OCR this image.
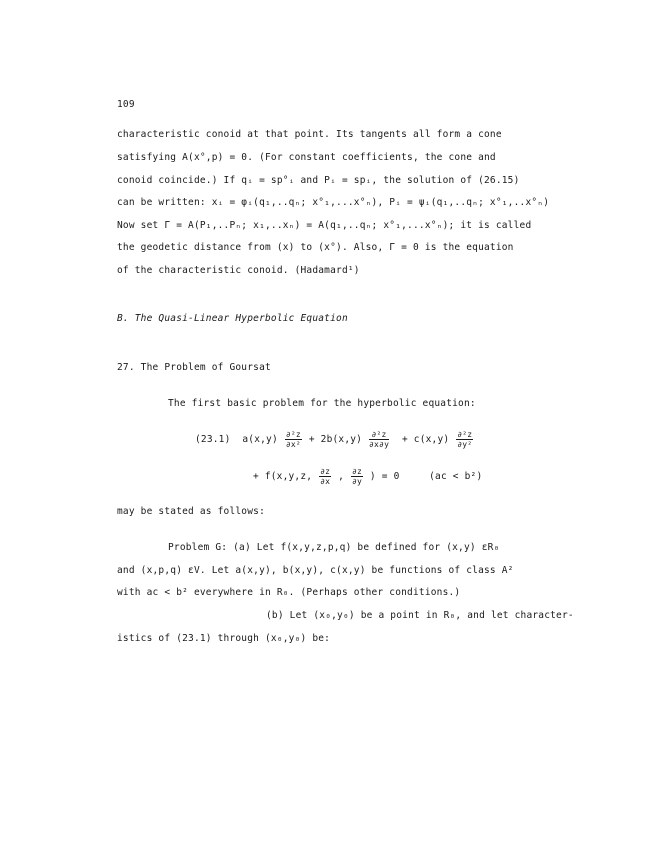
109
characteristic conoid at that point. Its tangents all form a cone
satisfying A(x°,p) = 0. (For constant coefficients, the cone and
conoid coincide.) If qᵢ = sp°ᵢ and Pᵢ = spᵢ, the solution of (26.15)
can be written: xᵢ = φᵢ(q₁,..qₙ; x°₁,...x°ₙ), Pᵢ = ψᵢ(q₁,..qₙ; x°₁,..x°ₙ)
Now set Γ = A(P₁,..Pₙ; x₁,..xₙ) = A(q₁,..qₙ; x°₁,...x°ₙ); it is called
the geodetic distance from (x) to (x°). Also, Γ = 0 is the equation
of the characteristic conoid. (Hadamard¹)
B. The Quasi-Linear Hyperbolic Equation
27. The Problem of Goursat
The first basic problem for the hyperbolic equation:
(23.1) $a(x,y) \frac{\text{∂²z}}{\text{∂x²}} + 2b(x,y) \frac{\text{∂²z}}{\partial x\partial y} + c(x,y) \frac{\text{∂²z}}{\text{∂y²}}$
+ f(x,y,z, $\frac{\partial z}{\partial x}$ , $\frac{\partial z}{\partial y}$ ) = 0	(ac < b²)
may be stated as follows:
Problem G: (a) Let f(x,y,z,p,q) be defined for (x,y) εR₀
and (x,p,q) εV. Let a(x,y), b(x,y), c(x,y) be functions of class A²
with ac < b² everywhere in R₀. (Perhaps other conditions.)
(b) Let (x₀,y₀) be a point in R₀, and let character-
istics of (23.1) through (x₀,y₀) be:
